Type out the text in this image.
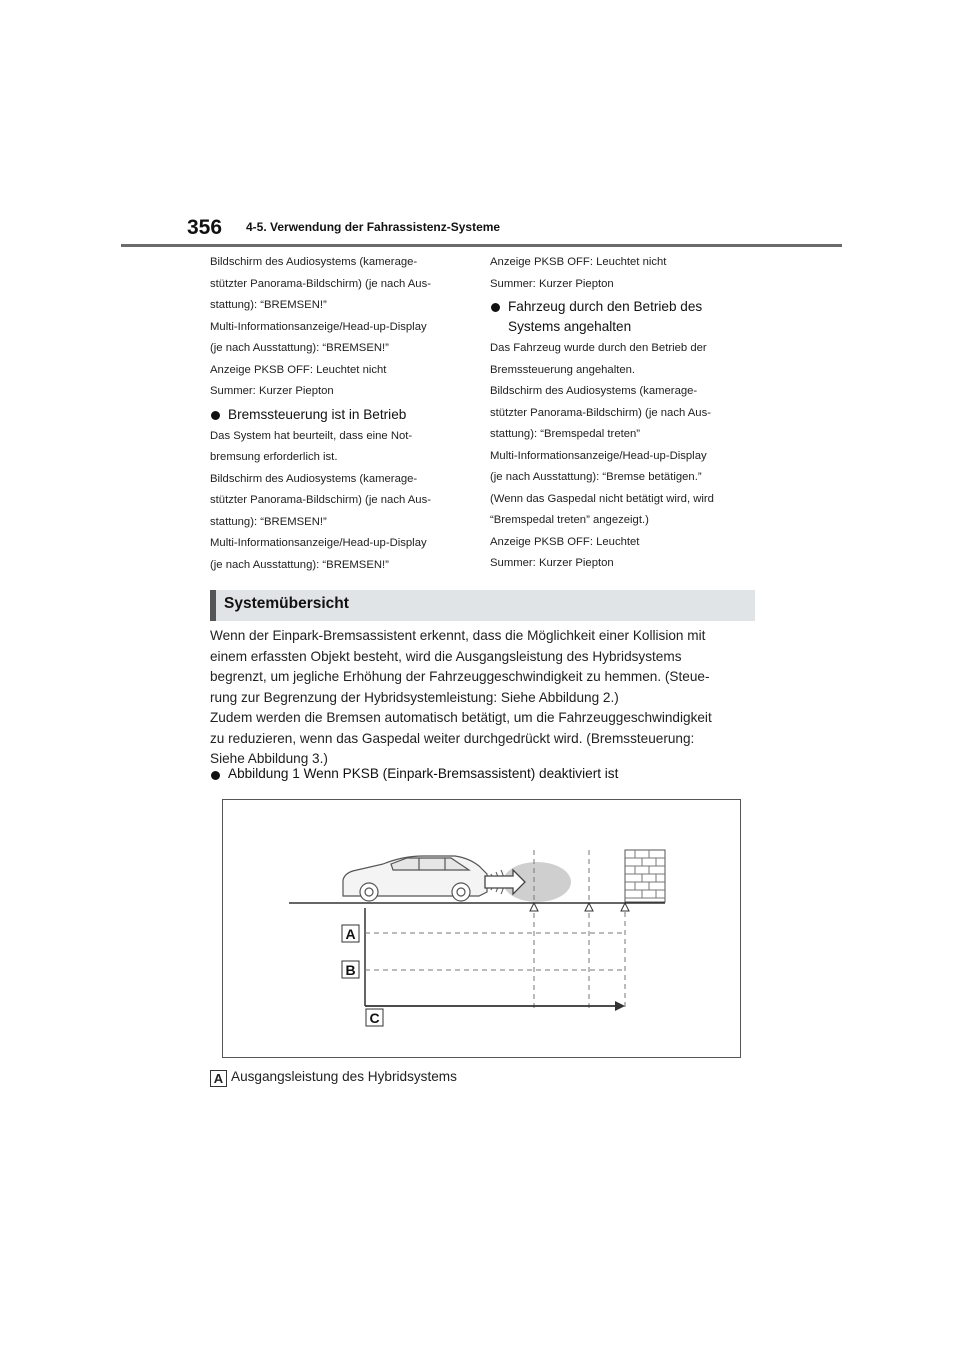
356 4-5. Verwendung der Fahrassistenz-Systeme

Bildschirm des Audiosystems (kamerage-

stützter Panorama-Bildschirm) (je nach Aus-

stattung): “BREMSEN!”

Multi-Informationsanzeige/Head-up-Display

(je nach Ausstattung): “BREMSEN!”

Anzeige PKSB OFF: Leuchtet nicht

Summer: Kurzer Piepton

Bremssteuerung ist in Betrieb

Das System hat beurteilt, dass eine Not-

bremsung erforderlich ist.

Bildschirm des Audiosystems (kamerage-

stützter Panorama-Bildschirm) (je nach Aus-

stattung): “BREMSEN!”

Multi-Informationsanzeige/Head-up-Display

(je nach Ausstattung): “BREMSEN!”

Anzeige PKSB OFF: Leuchtet nicht

Summer: Kurzer Piepton

Fahrzeug durch den Betrieb des
Systems angehalten

Das Fahrzeug wurde durch den Betrieb der

Bremssteuerung angehalten.

Bildschirm des Audiosystems (kamerage-

stützter Panorama-Bildschirm) (je nach Aus-

stattung): “Bremspedal treten”

Multi-Informationsanzeige/Head-up-Display

(je nach Ausstattung): “Bremse betätigen.”

(Wenn das Gaspedal nicht betätigt wird, wird

“Bremspedal treten” angezeigt.)

Anzeige PKSB OFF: Leuchtet

Summer: Kurzer Piepton

Systemübersicht
Wenn der Einpark-Bremsassistent erkennt, dass die Möglichkeit einer Kollision mit
einem erfassten Objekt besteht, wird die Ausgangsleistung des Hybridsystems
begrenzt, um jegliche Erhöhung der Fahrzeuggeschwindigkeit zu hemmen. (Steue-
rung zur Begrenzung der Hybridsystemleistung: Siehe Abbildung 2.)
Zudem werden die Bremsen automatisch betätigt, um die Fahrzeuggeschwindigkeit
zu reduzieren, wenn das Gaspedal weiter durchgedrückt wird. (Bremssteuerung:
Siehe Abbildung 3.)
Abbildung 1 Wenn PKSB (Einpark-Bremsassistent) deaktiviert ist
A
B
C
A Ausgangsleistung des Hybridsystems
